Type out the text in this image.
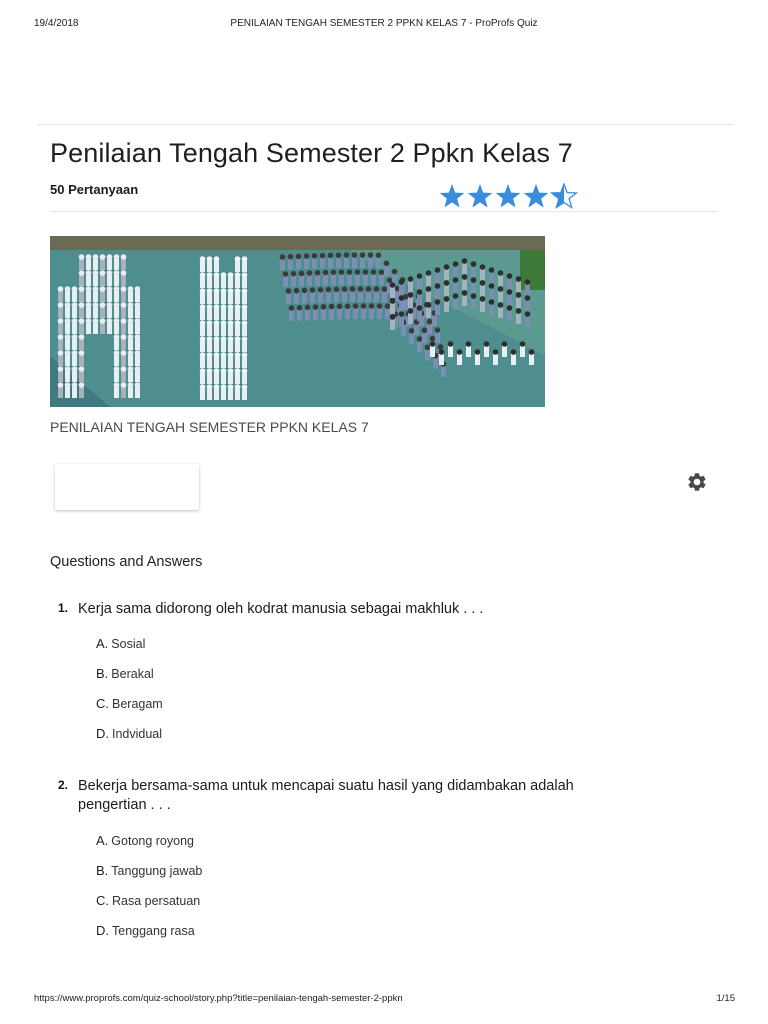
19/4/2018	PENILAIAN TENGAH SEMESTER 2 PPKN KELAS 7 - ProProfs Quiz
Penilaian Tengah Semester 2 Ppkn Kelas 7
50 Pertanyaan
PENILAIAN TENGAH SEMESTER PPKN KELAS 7
Questions and Answers
1. Kerja sama didorong oleh kodrat manusia sebagai makhluk . . .
A. Sosial
B. Berakal
C. Beragam
D. Indvidual
2. Bekerja bersama-sama untuk mencapai suatu hasil yang didambakan adalah
pengertian . . .
A. Gotong royong
B. Tanggung jawab
C. Rasa persatuan
D. Tenggang rasa
https://www.proprofs.com/quiz-school/story.php?title=penilaian-tengah-semester-2-ppkn	1/15
